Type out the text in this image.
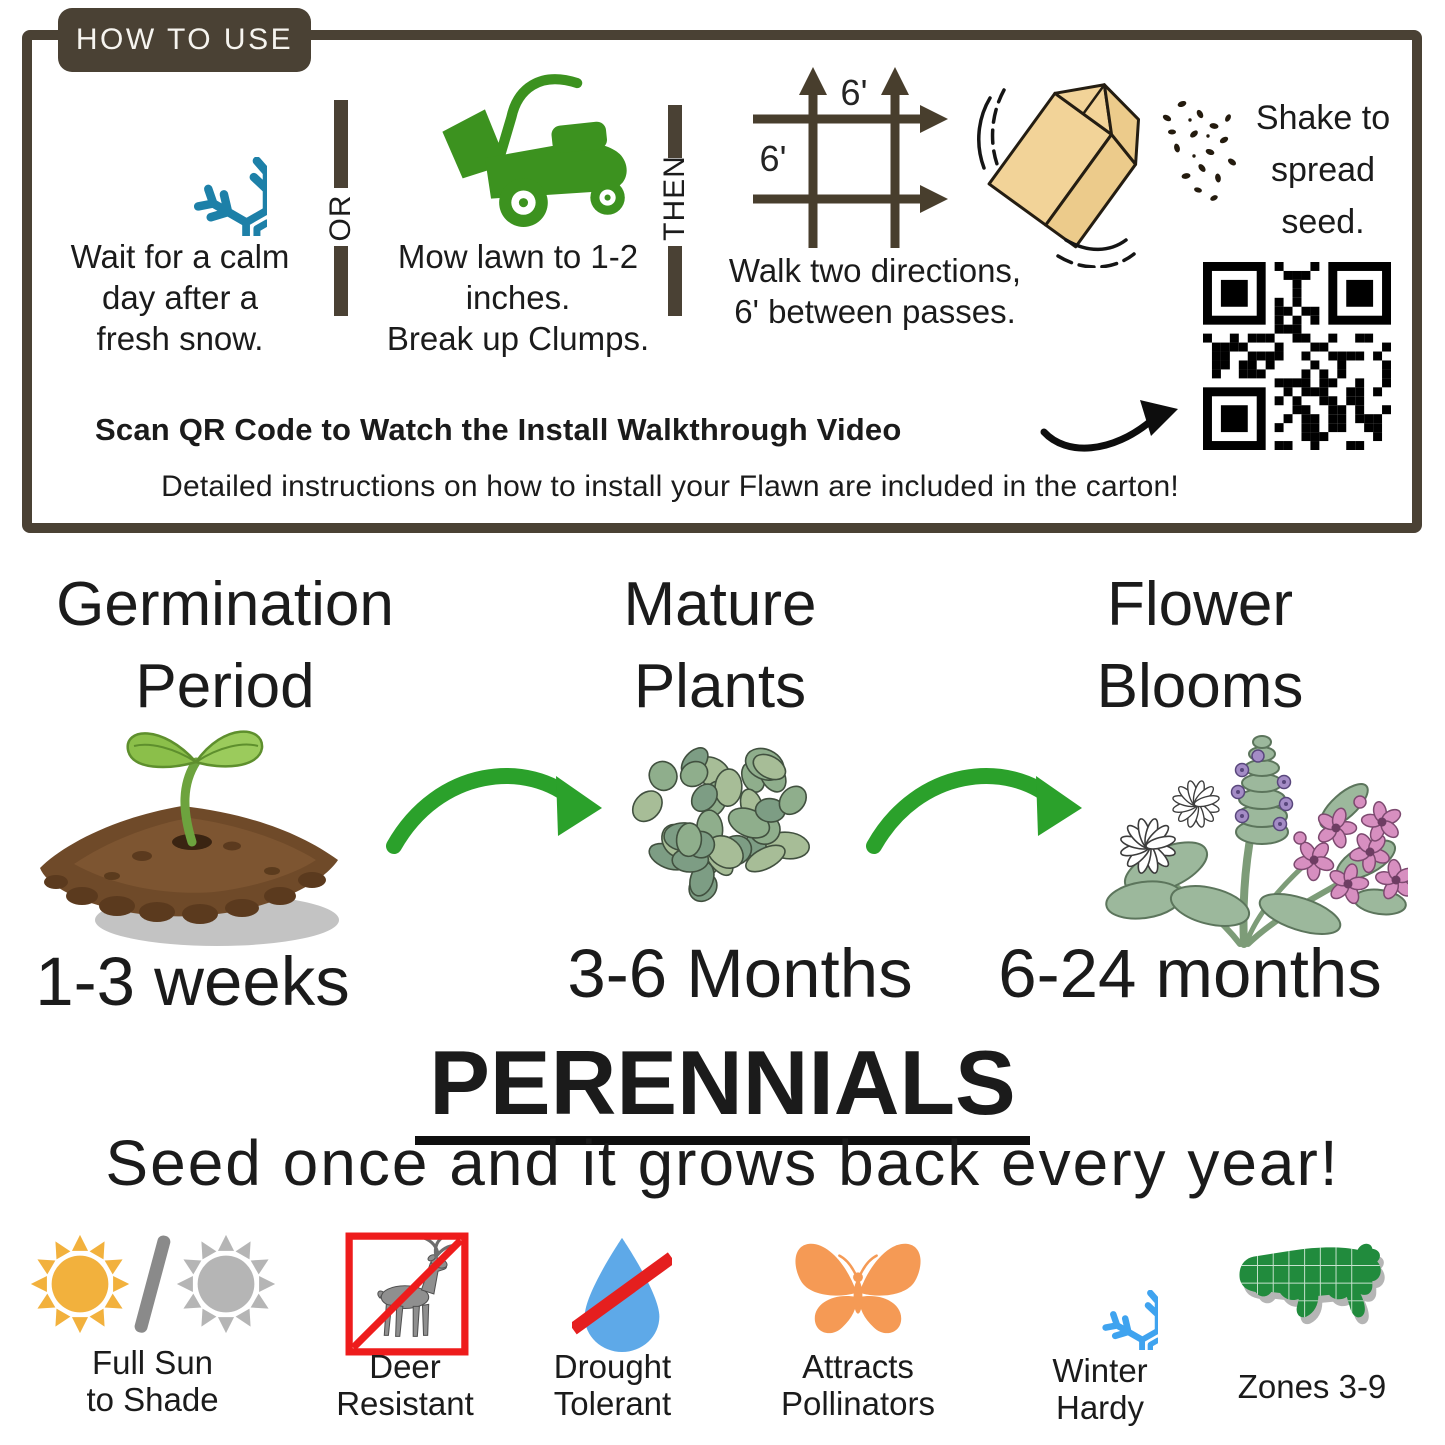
HOW TO USE
Wait for a calm
day after a
fresh snow.
OR
Mow lawn to 1-2
inches.
Break up Clumps.
THEN
6'
6'
Walk two directions,
6' between passes.
Shake to
spread
seed.
Scan QR Code to Watch the Install Walkthrough Video
Detailed instructions on how to install your Flawn are included in the carton!
Germination
Period
Mature
Plants
Flower
Blooms
1-3 weeks	3-6 Months 6-24 months
PERENNIALS
Seed once and it grows back every year!
Full Sun
to Shade
Deer
Resistant
Drought
Tolerant
Attracts
Pollinators
Winter
Hardy
Zones 3-9
